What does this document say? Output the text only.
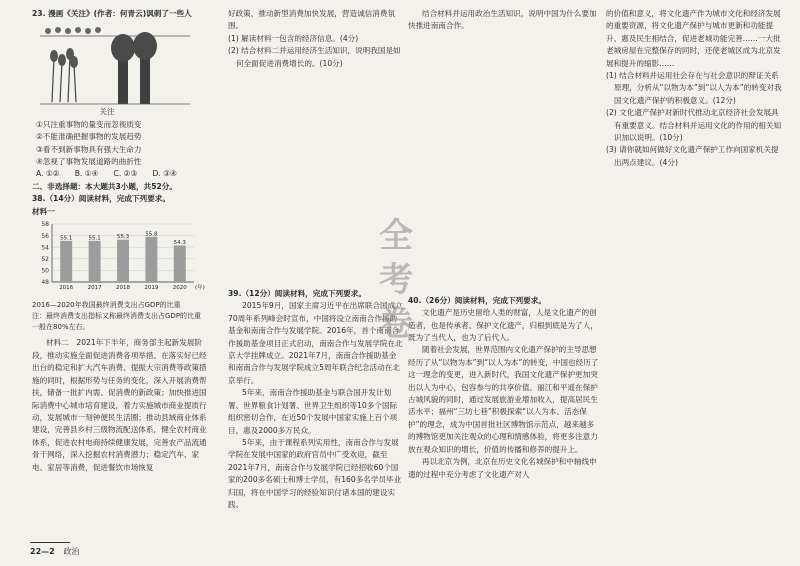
23. 漫画《关注》(作者：何青云)讽刺了一些人

关注

①只注重事物的量变而忽视质变

②不能准确把握事物的发展趋势

③看不到新事物具有强大生命力

④忽视了事物发展道路的曲折性

A. ①②　　B. ①④　　C. ②③　　D. ③④

二、非选择题：本大题共3小题，共52分。

38.（14分）阅读材料，完成下列要求。

材料一

48
50
52
54
56
58
55.1
2016
55.1
2017
55.3
2018
55.8
2019
54.3
2020 (年)

2016—2020年我国最终消费支出占GDP的比重

注：最终消费支出指标又称最终消费支出占GDP的比重一般在80%左右。

材料二　2021年下半年，商务部主起新发展阶段，推动实施全面促进消费各项举措。在落实好已经出台的稳定和扩大汽车消费、提振大宗消费等政策措施的同时，根据形势与任务的变化，深入开展消费帮扶，储备一批扩内需、促消费的新政策；加快推进国际消费中心城市培育建设，着力实施城市商业提质行动，发展城市一刻钟便民生活圈；推动县域商业体系建设，完善县乡村三级物流配送体系，健全农村商业体系，促进农村电商持续健康发展，完善农产品流通骨干网络，深入挖掘农村消费潜力；稳定汽车、家电、家居等消费，促进餐饮市场恢复

好政策，推动新型消费加快发展，营造诚信消费氛围。

(1) 解读材料一包含的经济信息。(4分)

(2) 结合材料二并运用经济生活知识，说明我国是如何全面促进消费增长的。(10分)

39.（12分）阅读材料，完成下列要求。

2015年9月，国家主席习近平在出席联合国成立70周年系列峰会时宣布，中国将设立南南合作援助基金和南南合作与发展学院。2016年，首个南南合作援助基金项目正式启动，南南合作与发展学院在北京大学挂牌成立。2021年7月，南南合作援助基金和南南合作与发展学院成立5周年联合纪念活动在北京举行。

5年来，南南合作援助基金与联合国开发计划署、世界粮食计划署、世界卫生组织等10多个国际组织密切合作，在近50个发展中国家实施上百个项目，惠及2000多万民众。

5年来，由于课程系列实用性，南南合作与发展学院在发展中国家的政府官员中广受欢迎，截至2021年7月，南南合作与发展学院已经招收60个国家的200多名硕士和博士学员，有160多名学员毕业归国，将在中国学习的经验知识付诸本国的建设实践。

结合材料并运用政治生活知识，说明中国为什么要加快推进南南合作。

40.（26分）阅读材料，完成下列要求。

文化遗产是历史留给人类的财富，人是文化遗产的创造者，也是传承者。保护文化遗产，归根到底是为了人，既为了当代人，也为了后代人。

随着社会发展，世界范围内文化遗产保护的主导思想经历了从“以物为本”到“以人为本”的转变，中国也经历了这一理念的变更，进入新时代，我国文化遗产保护更加突出以人为中心，包容参与的共享价值。丽江和平遥在保护古城风貌的同时，通过发展旅游业增加收入，提高居民生活水平；福州“三坊七巷”积极探索“以人为本、活态保护”的理念，成为中国首批社区博物馆示范点，越来越多的博物馆更加关注观众的心理和情感体验，将更多注意力放在观众知识的增长，价值的传播和修养的提升上。

再以北京为例，北京在历史文化名城保护和中轴线申遗的过程中充分考虑了文化遗产对人

的价值和意义，将文化遗产作为城市文化和经济发展的重要资源，将文化遗产保护与城市更新和功能提升、惠及民生相结合，促进老城功能完善……一大批老城房屋在完整保存的同时，还使老城区成为北京发展和提升的缩影……

(1) 结合材料并运用社会存在与社会意识的辩证关系原理，分析从“以物为本”到“以人为本”的转变对我国文化遗产保护的积极意义。(12分)

(2) 文化遗产保护对新时代推动北京经济社会发展具有重要意义。结合材料并运用文化的作用的相关知识加以说明。(10分)

(3) 请你就如何做好文化遗产保护工作向国家机关提出两点建议。(4分)

全
考
卷
22—2 政治
